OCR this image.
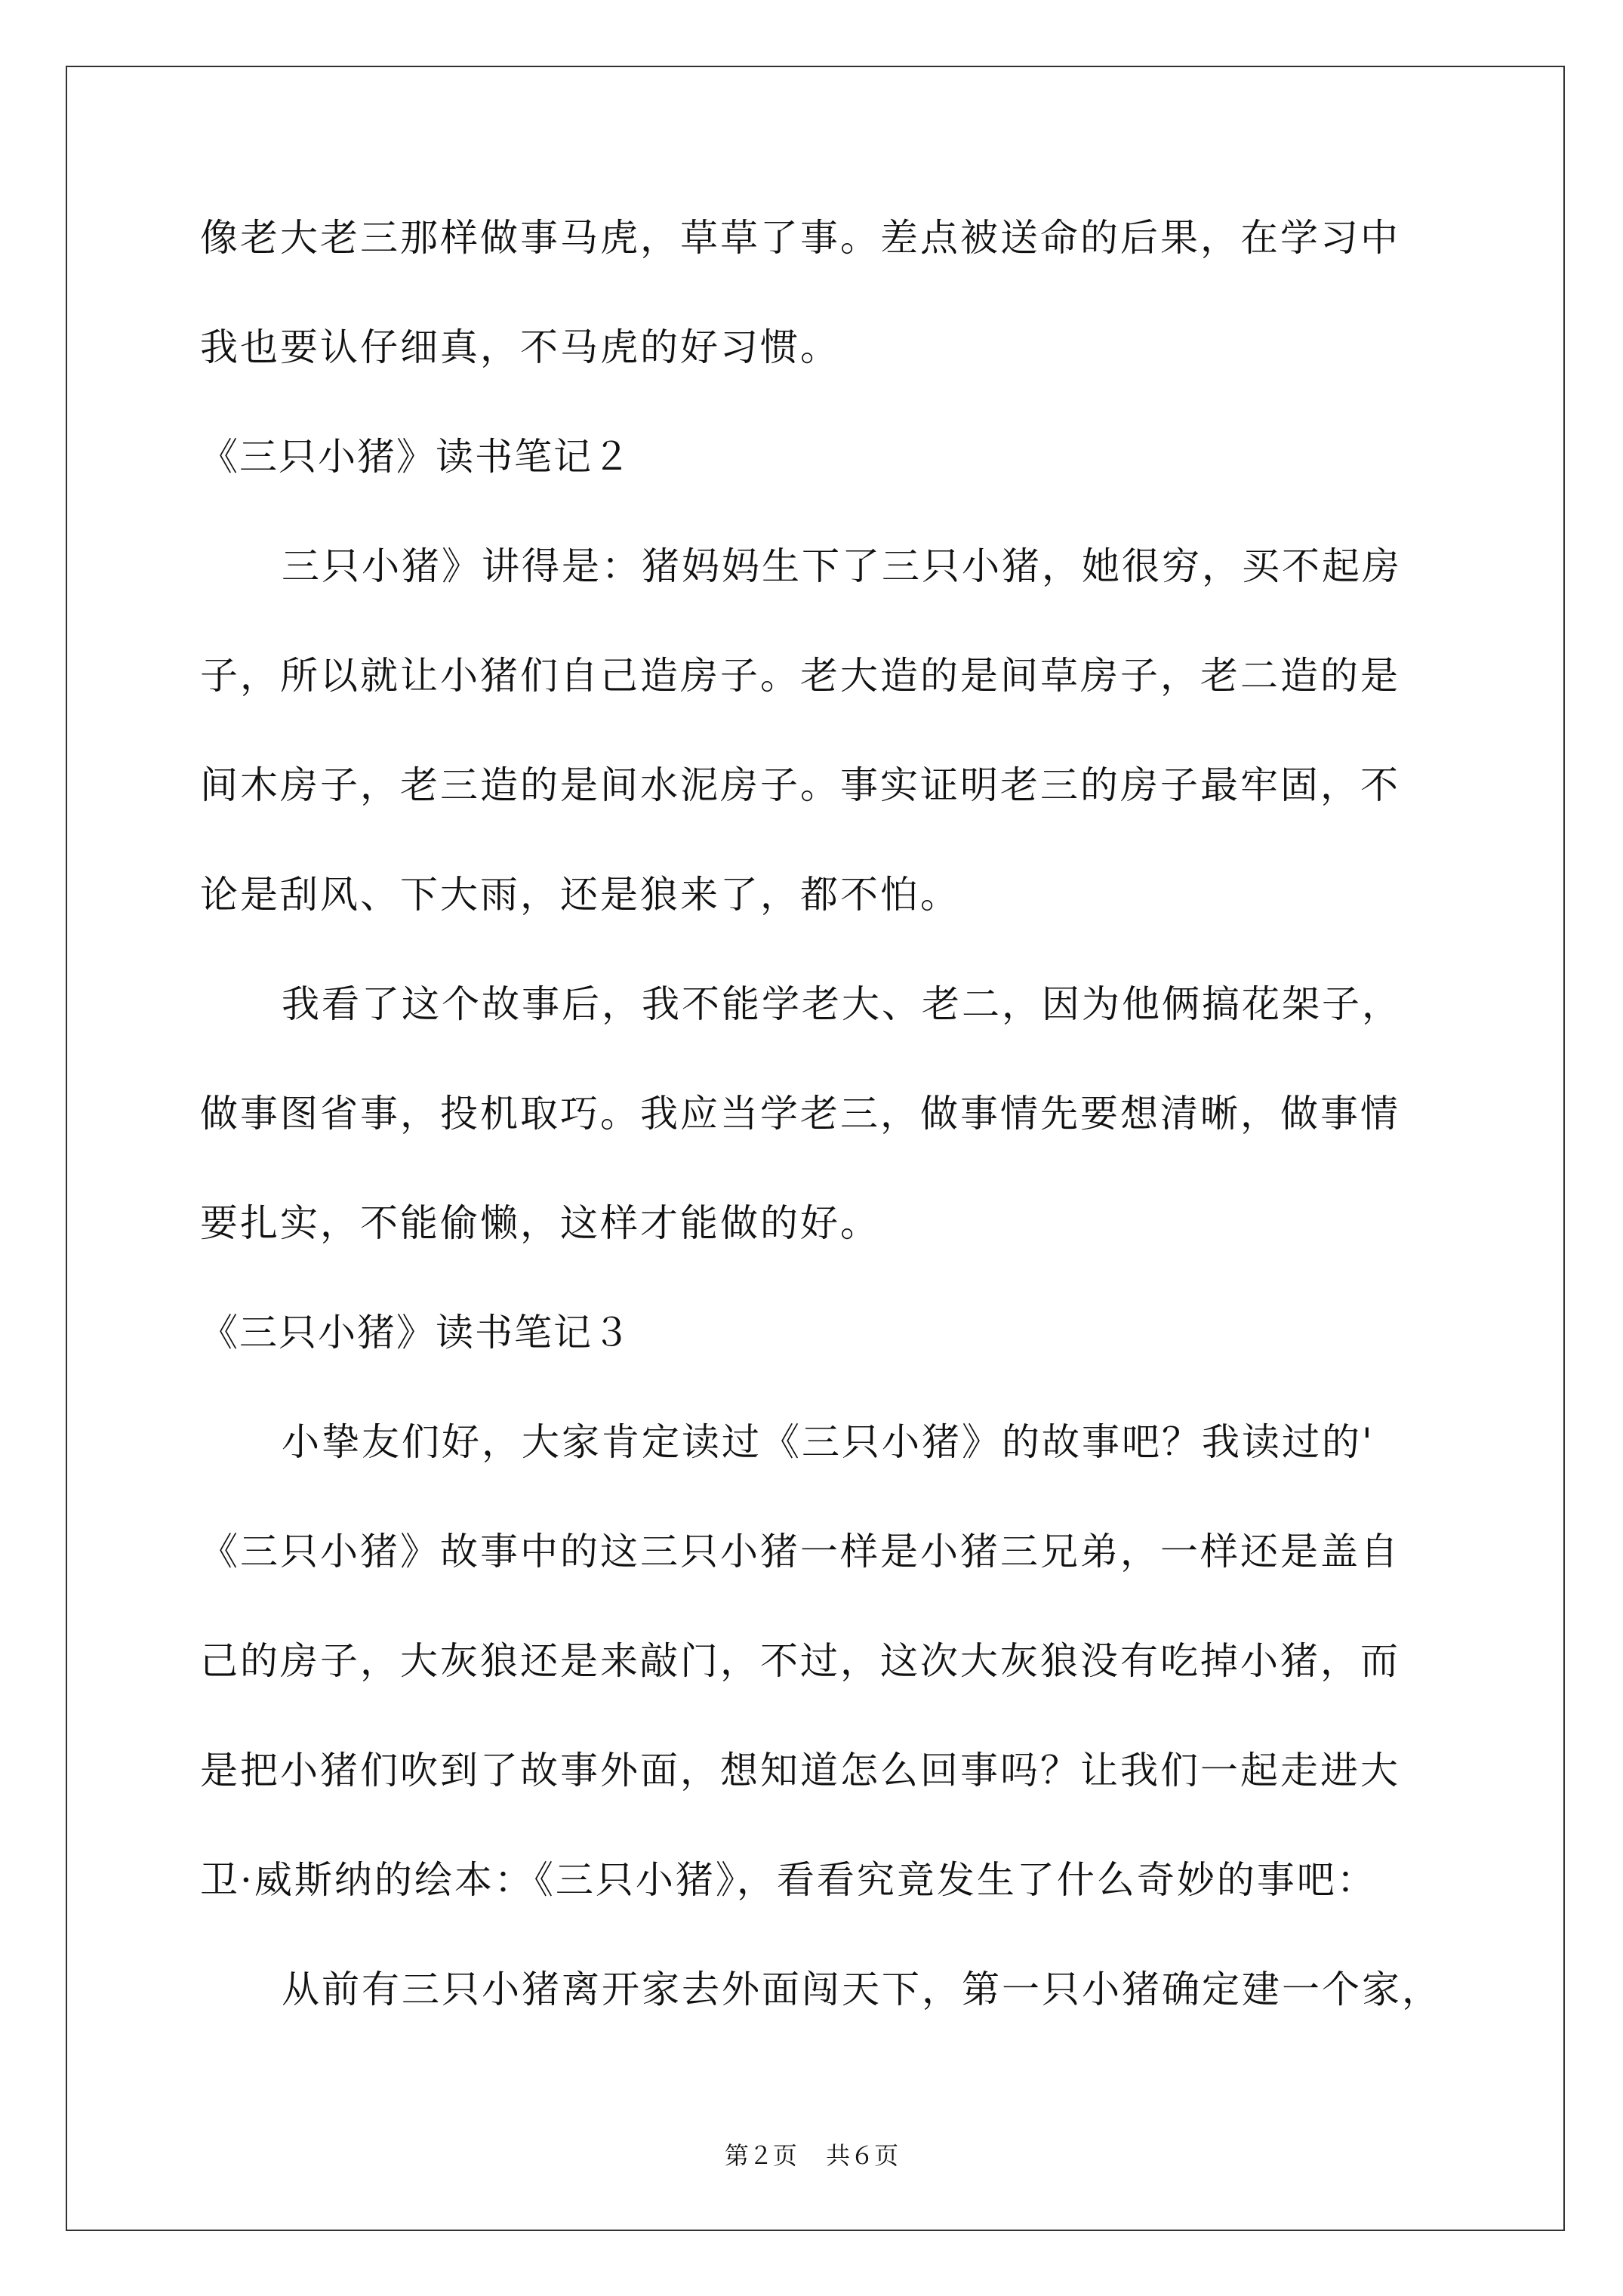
像老大老三那样做事马虎，草草了事。差点被送命的后果，在学习中
我也要认仔细真，不马虎的好习惯。
《三只小猪》读书笔记２
三只小猪》讲得是：猪妈妈生下了三只小猪，她很穷，买不起房
子，所以就让小猪们自己造房子。老大造的是间草房子，老二造的是
间木房子，老三造的是间水泥房子。事实证明老三的房子最牢固，不
论是刮风、下大雨，还是狼来了，都不怕。
我看了这个故事后，我不能学老大、老二，因为他俩搞花架子，
做事图省事，投机取巧。我应当学老三，做事情先要想清晰，做事情
要扎实，不能偷懒，这样才能做的好。
《三只小猪》读书笔记３
小挚友们好，大家肯定读过《三只小猪》的故事吧？我读过的'
《三只小猪》故事中的这三只小猪一样是小猪三兄弟，一样还是盖自
己的房子，大灰狼还是来敲门，不过，这次大灰狼没有吃掉小猪，而
是把小猪们吹到了故事外面，想知道怎么回事吗？让我们一起走进大
卫·威斯纳的绘本：《三只小猪》，看看究竟发生了什么奇妙的事吧：
从前有三只小猪离开家去外面闯天下，第一只小猪确定建一个家，
第２页 共６页
